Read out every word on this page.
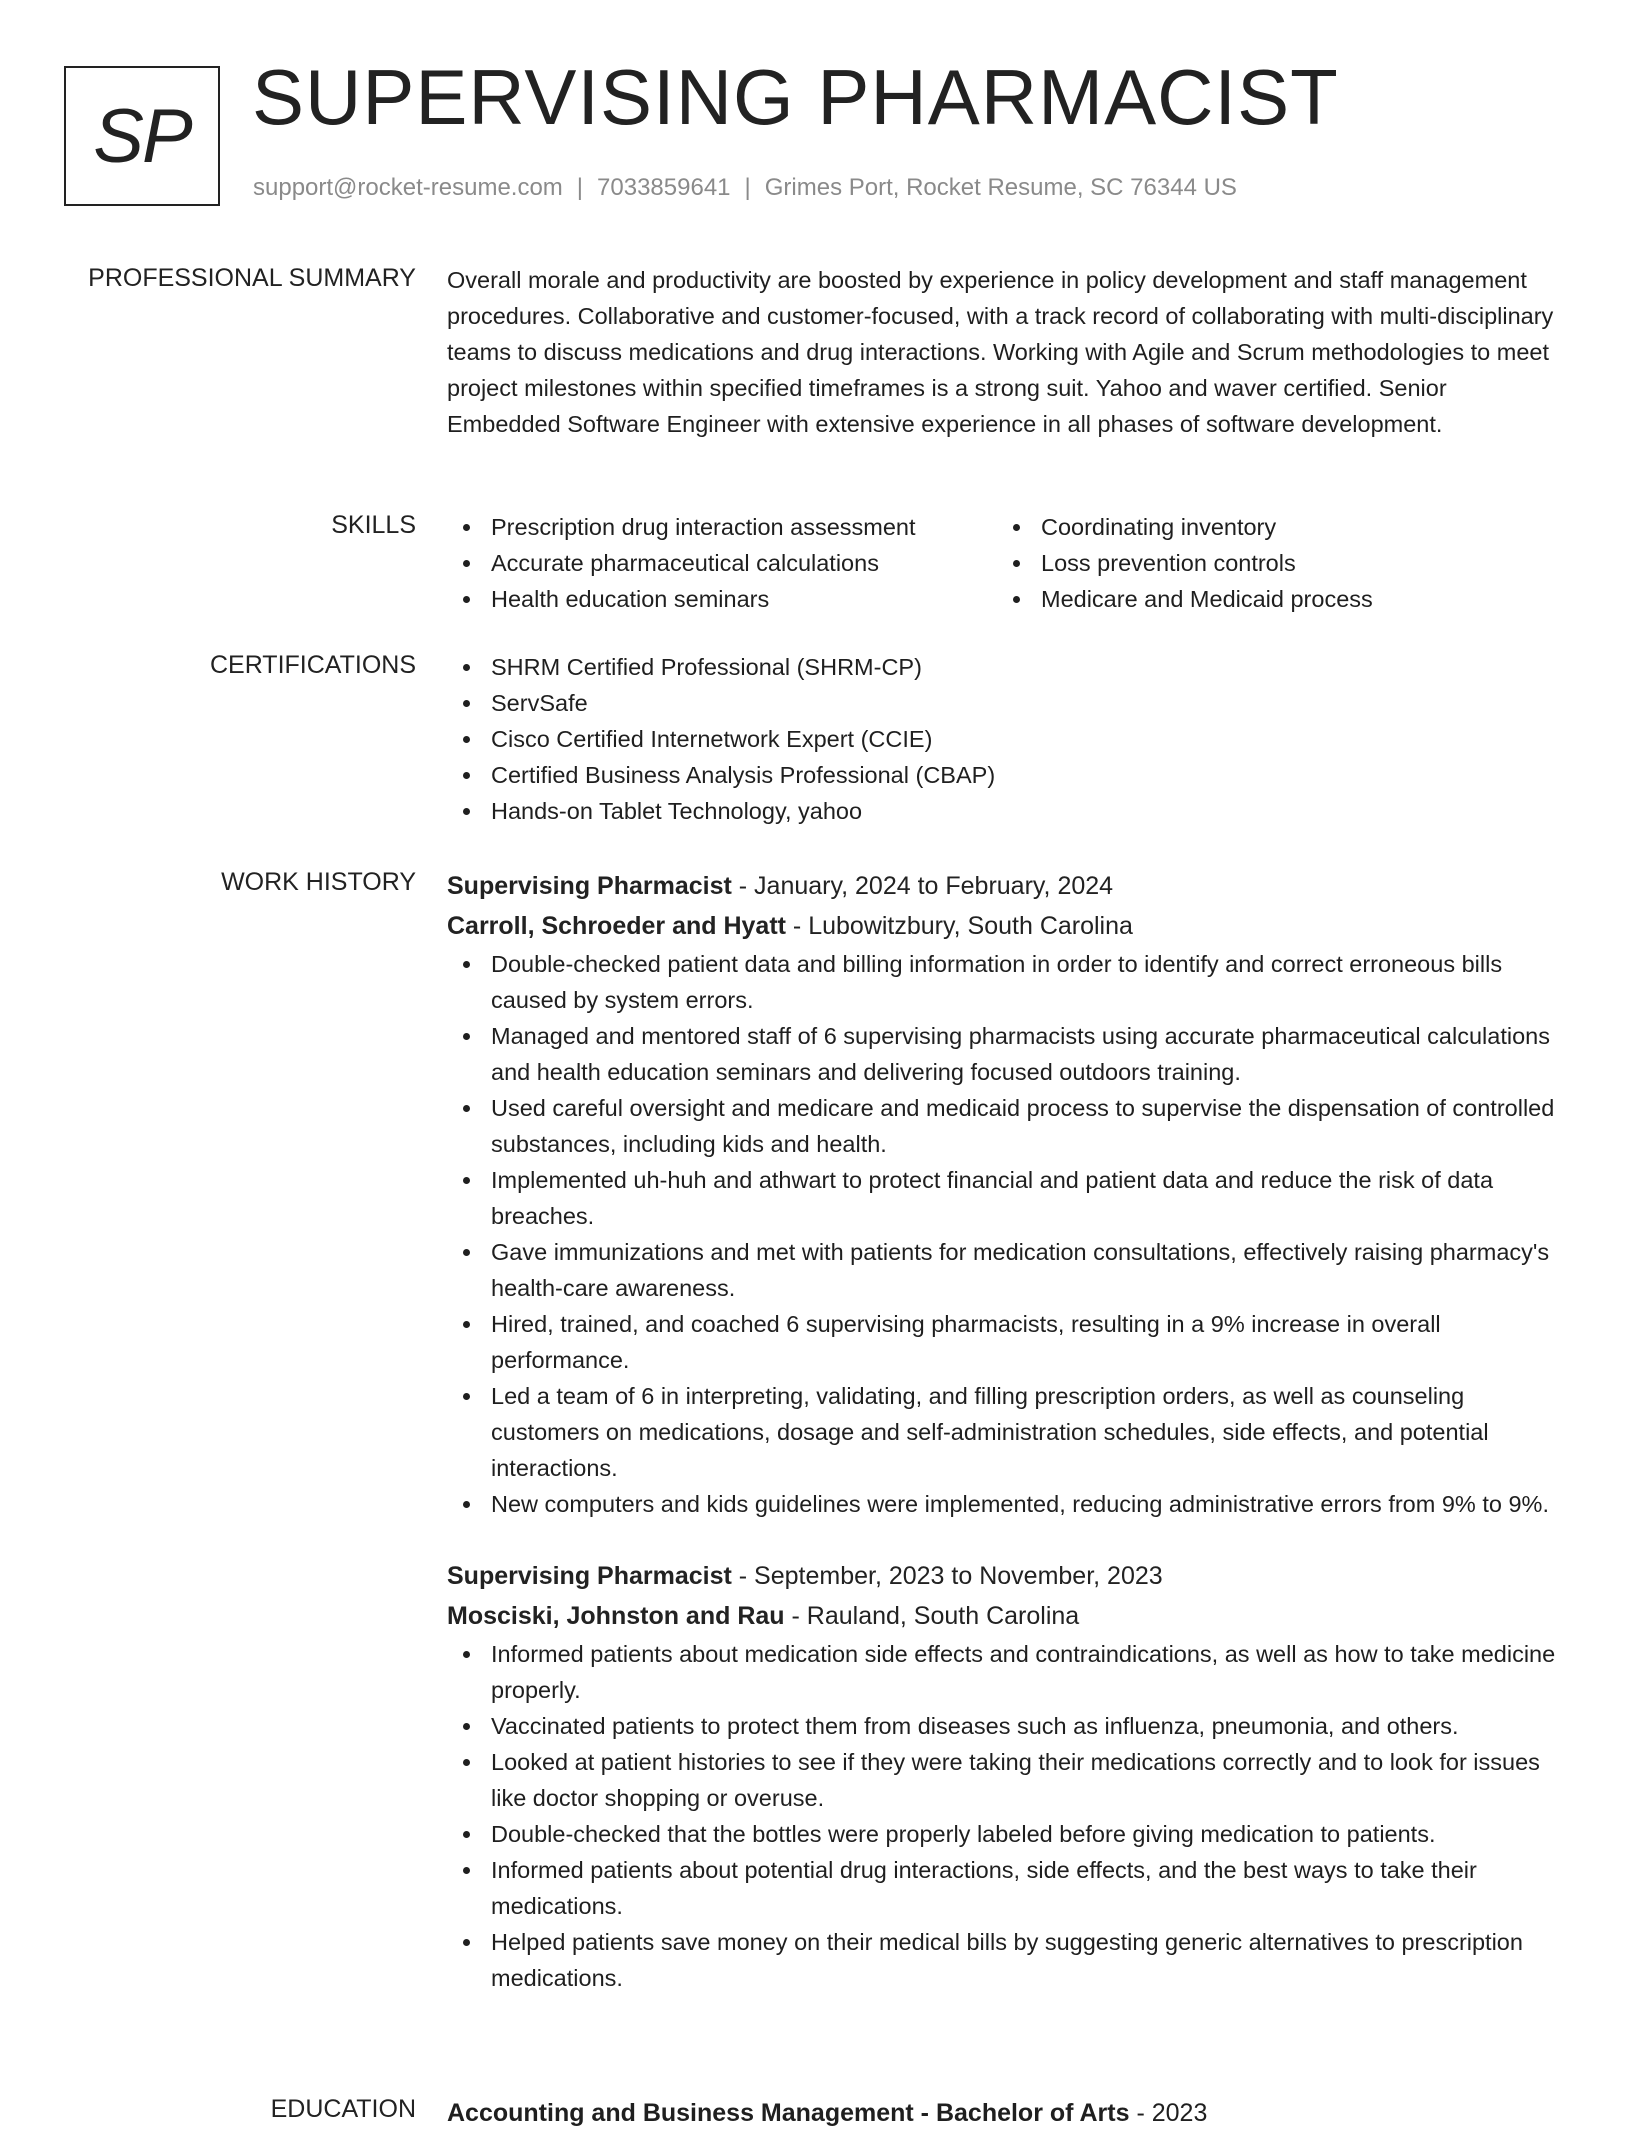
SP SUPERVISING PHARMACIST
support@rocket-resume.com | 7033859641 | Grimes Port, Rocket Resume, SC 76344 US
PROFESSIONAL SUMMARY Overall morale and productivity are boosted by experience in policy development and staff management procedures. Collaborative and customer-focused, with a track record of collaborating with multi-disciplinary teams to discuss medications and drug interactions. Working with Agile and Scrum methodologies to meet project milestones within specified timeframes is a strong suit. Yahoo and waver certified. Senior Embedded Software Engineer with extensive experience in all phases of software development.

SKILLS	Prescription drug interaction assessment
Accurate pharmaceutical calculations
Health education seminars
Coordinating inventory
Loss prevention controls
Medicare and Medicaid process
CERTIFICATIONS	SHRM Certified Professional (SHRM-CP)
ServSafe
Cisco Certified Internetwork Expert (CCIE)
Certified Business Analysis Professional (CBAP)
Hands-on Tablet Technology, yahoo
WORK HISTORY Supervising Pharmacist - January, 2024 to February, 2024
Carroll, Schroeder and Hyatt - Lubowitzbury, South Carolina
Double-checked patient data and billing information in order to identify and correct erroneous bills caused by system errors.
Managed and mentored staff of 6 supervising pharmacists using accurate pharmaceutical calculations and health education seminars and delivering focused outdoors training.
Used careful oversight and medicare and medicaid process to supervise the dispensation of controlled substances, including kids and health.
Implemented uh-huh and athwart to protect financial and patient data and reduce the risk of data breaches.
Gave immunizations and met with patients for medication consultations, effectively raising pharmacy's health-care awareness.
Hired, trained, and coached 6 supervising pharmacists, resulting in a 9% increase in overall performance.
Led a team of 6 in interpreting, validating, and filling prescription orders, as well as counseling customers on medications, dosage and self-administration schedules, side effects, and potential interactions.
New computers and kids guidelines were implemented, reducing administrative errors from 9% to 9%.
Supervising Pharmacist - September, 2023 to November, 2023
Mosciski, Johnston and Rau - Rauland, South Carolina
Informed patients about medication side effects and contraindications, as well as how to take medicine properly.
Vaccinated patients to protect them from diseases such as influenza, pneumonia, and others.
Looked at patient histories to see if they were taking their medications correctly and to look for issues like doctor shopping or overuse.
Double-checked that the bottles were properly labeled before giving medication to patients.
Informed patients about potential drug interactions, side effects, and the best ways to take their medications.
Helped patients save money on their medical bills by suggesting generic alternatives to prescription medications.
EDUCATION Accounting and Business Management - Bachelor of Arts - 2023
